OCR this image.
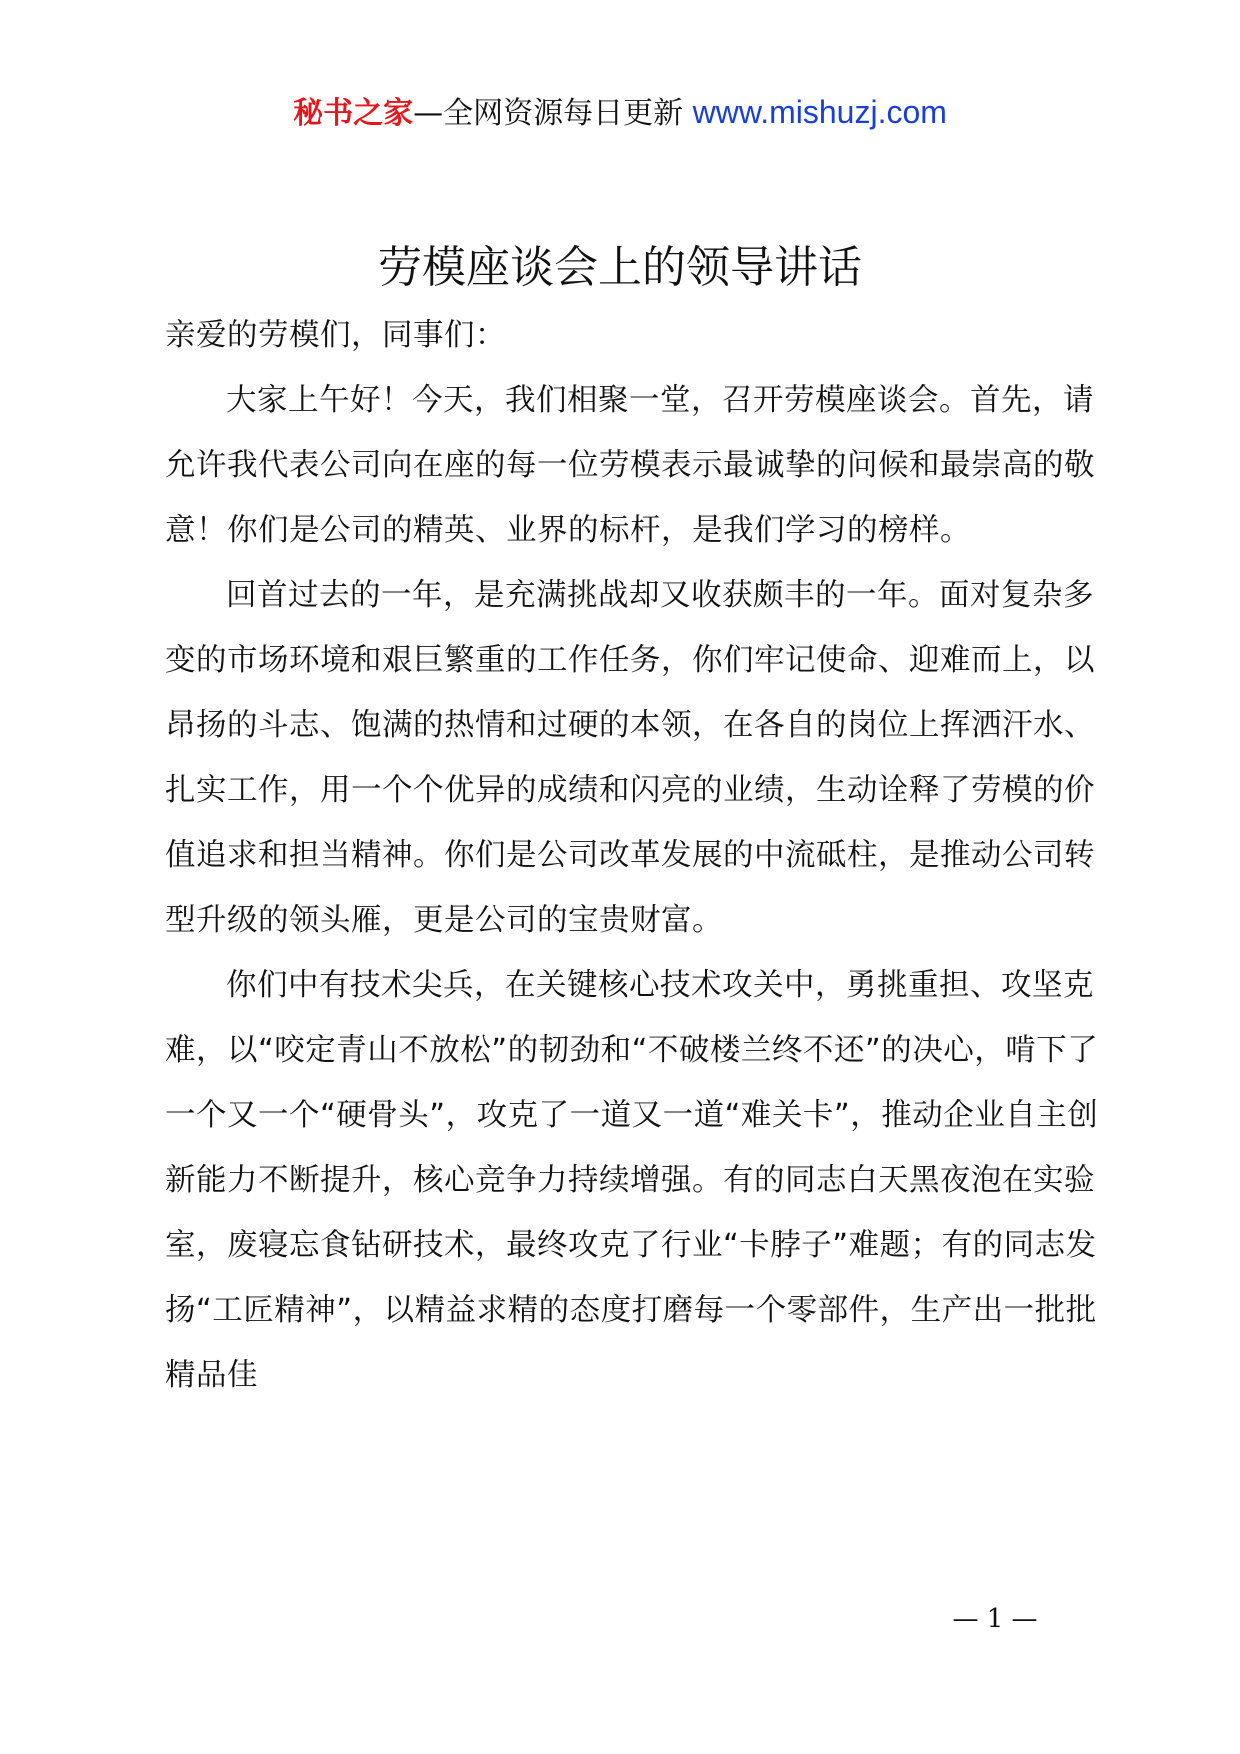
秘书之家—全网资源每日更新 www.mishuzj.com
劳模座谈会上的领导讲话

亲爱的劳模们，同事们：

大家上午好！今天，我们相聚一堂，召开劳模座谈会。首先，请允许我代表公司向在座的每一位劳模表示最诚挚的问候和最崇高的敬意！你们是公司的精英、业界的标杆，是我们学习的榜样。

回首过去的一年，是充满挑战却又收获颇丰的一年。面对复杂多变的市场环境和艰巨繁重的工作任务，你们牢记使命、迎难而上，以昂扬的斗志、饱满的热情和过硬的本领，在各自的岗位上挥洒汗水、扎实工作，用一个个优异的成绩和闪亮的业绩，生动诠释了劳模的价值追求和担当精神。你们是公司改革发展的中流砥柱，是推动公司转型升级的领头雁，更是公司的宝贵财富。

你们中有技术尖兵，在关键核心技术攻关中，勇挑重担、攻坚克难，以“咬定青山不放松”的韧劲和“不破楼兰终不还”的决心，啃下了一个又一个“硬骨头”，攻克了一道又一道“难关卡”，推动企业自主创新能力不断提升，核心竞争力持续增强。有的同志白天黑夜泡在实验室，废寝忘食钻研技术，最终攻克了行业“卡脖子”难题；有的同志发扬“工匠精神”，以精益求精的态度打磨每一个零部件，生产出一批批精品佳

— 1 —
